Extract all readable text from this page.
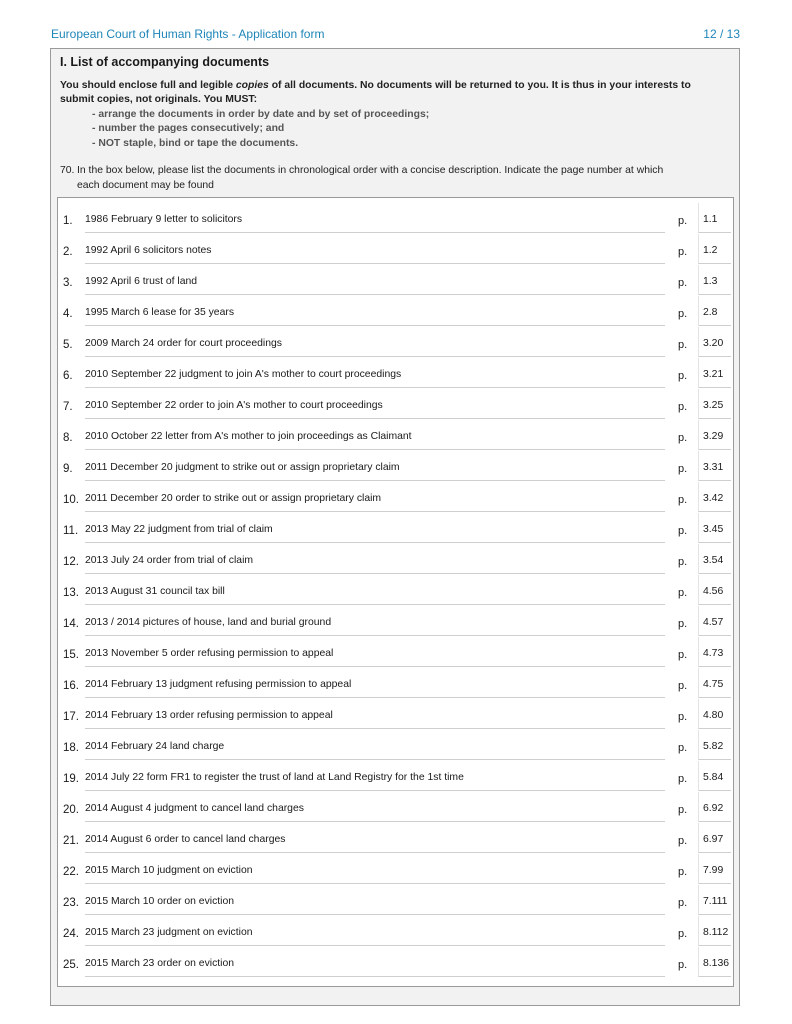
European Court of Human Rights - Application form	12 / 13
I. List of accompanying documents
You should enclose full and legible copies of all documents. No documents will be returned to you. It is thus in your interests to submit copies, not originals. You MUST:
- arrange the documents in order by date and by set of proceedings;
- number the pages consecutively; and
- NOT staple, bind or tape the documents.
70. In the box below, please list the documents in chronological order with a concise description. Indicate the page number at which
each document may be found
1. 1986 February 9 letter to solicitors	p.	1.1
2. 1992 April 6 solicitors notes	p.	1.2
3. 1992 April 6 trust of land	p.	1.3
4. 1995 March 6 lease for 35 years	p.	2.8
5. 2009 March 24 order for court proceedings	p.	3.20
6. 2010 September 22 judgment to join A's mother to court proceedings	p.	3.21
7. 2010 September 22 order to join A's mother to court proceedings	p.	3.25
8. 2010 October 22 letter from A's mother to join proceedings as Claimant	p.	3.29
9. 2011 December 20 judgment to strike out or assign proprietary claim	p.	3.31
10. 2011 December 20 order to strike out or assign proprietary claim	p.	3.42
11. 2013 May 22 judgment from trial of claim	p.	3.45
12. 2013 July 24 order from trial of claim	p.	3.54
13. 2013 August 31 council tax bill	p.	4.56
14. 2013 / 2014 pictures of house, land and burial ground	p.	4.57
15. 2013 November 5 order refusing permission to appeal	p.	4.73
16. 2014 February 13 judgment refusing permission to appeal	p.	4.75
17. 2014 February 13 order refusing permission to appeal	p.	4.80
18. 2014 February 24 land charge	p.	5.82
19. 2014 July 22 form FR1 to register the trust of land at Land Registry for the 1st time	p.	5.84
20. 2014 August 4 judgment to cancel land charges	p.	6.92
21. 2014 August 6 order to cancel land charges	p.	6.97
22. 2015 March 10 judgment on eviction	p.	7.99
23. 2015 March 10 order on eviction	p.	7.111
24. 2015 March 23 judgment on eviction	p.	8.112
25. 2015 March 23 order on eviction	p.	8.136
